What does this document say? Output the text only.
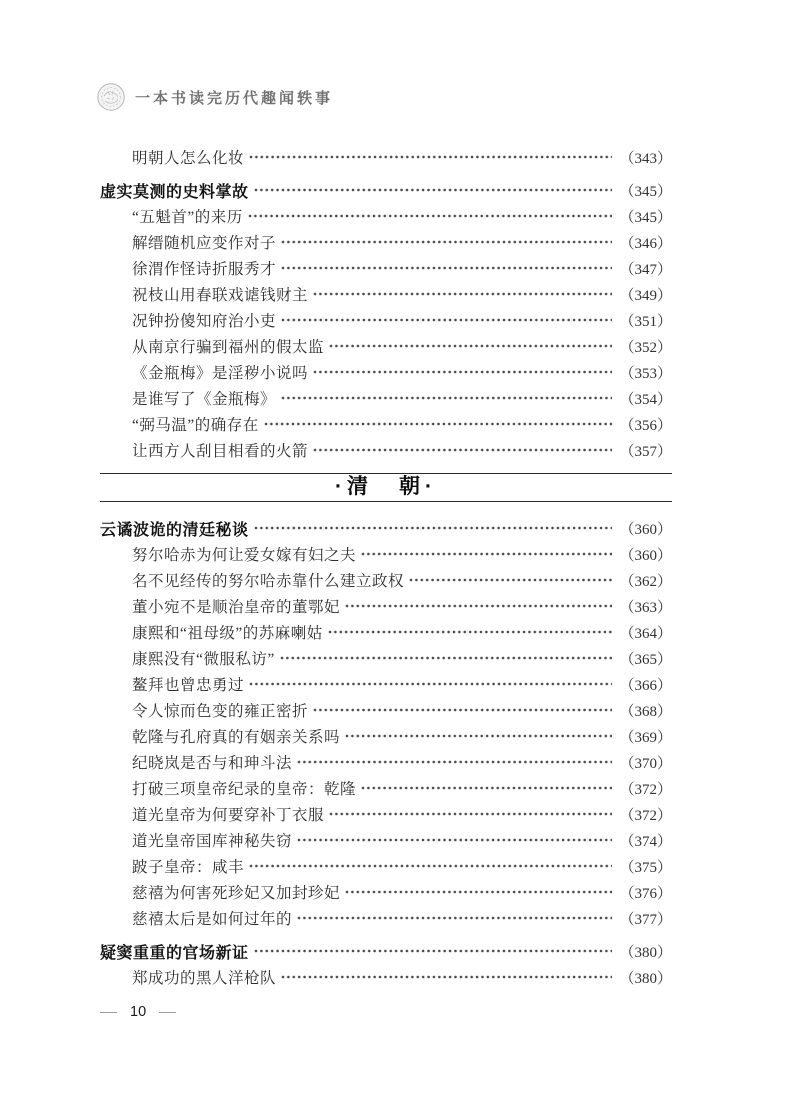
一本书读完历代趣闻轶事
明朝人怎么化妆	（343）
虚实莫测的史料掌故	（345）
“五魁首”的来历	（345）
解缙随机应变作对子	（346）
徐渭作怪诗折服秀才	（347）
祝枝山用春联戏谑钱财主	（349）
况钟扮傻知府治小吏	（351）
从南京行骗到福州的假太监	（352）
《金瓶梅》是淫秽小说吗	（353）
是谁写了《金瓶梅》	（354）
“弼马温”的确存在	（356）
让西方人刮目相看的火箭	（357）
·清　朝·
云谲波诡的清廷秘谈	（360）
努尔哈赤为何让爱女嫁有妇之夫	（360）
名不见经传的努尔哈赤靠什么建立政权	（362）
董小宛不是顺治皇帝的董鄂妃	（363）
康熙和“祖母级”的苏麻喇姑	（364）
康熙没有“微服私访”	（365）
鳌拜也曾忠勇过	（366）
令人惊而色变的雍正密折	（368）
乾隆与孔府真的有姻亲关系吗	（369）
纪晓岚是否与和珅斗法	（370）
打破三项皇帝纪录的皇帝：乾隆	（372）
道光皇帝为何要穿补丁衣服	（372）
道光皇帝国库神秘失窃	（374）
跛子皇帝：咸丰	（375）
慈禧为何害死珍妃又加封珍妃	（376）
慈禧太后是如何过年的	（377）
疑窦重重的官场新证	（380）
郑成功的黑人洋枪队	（380）
10
